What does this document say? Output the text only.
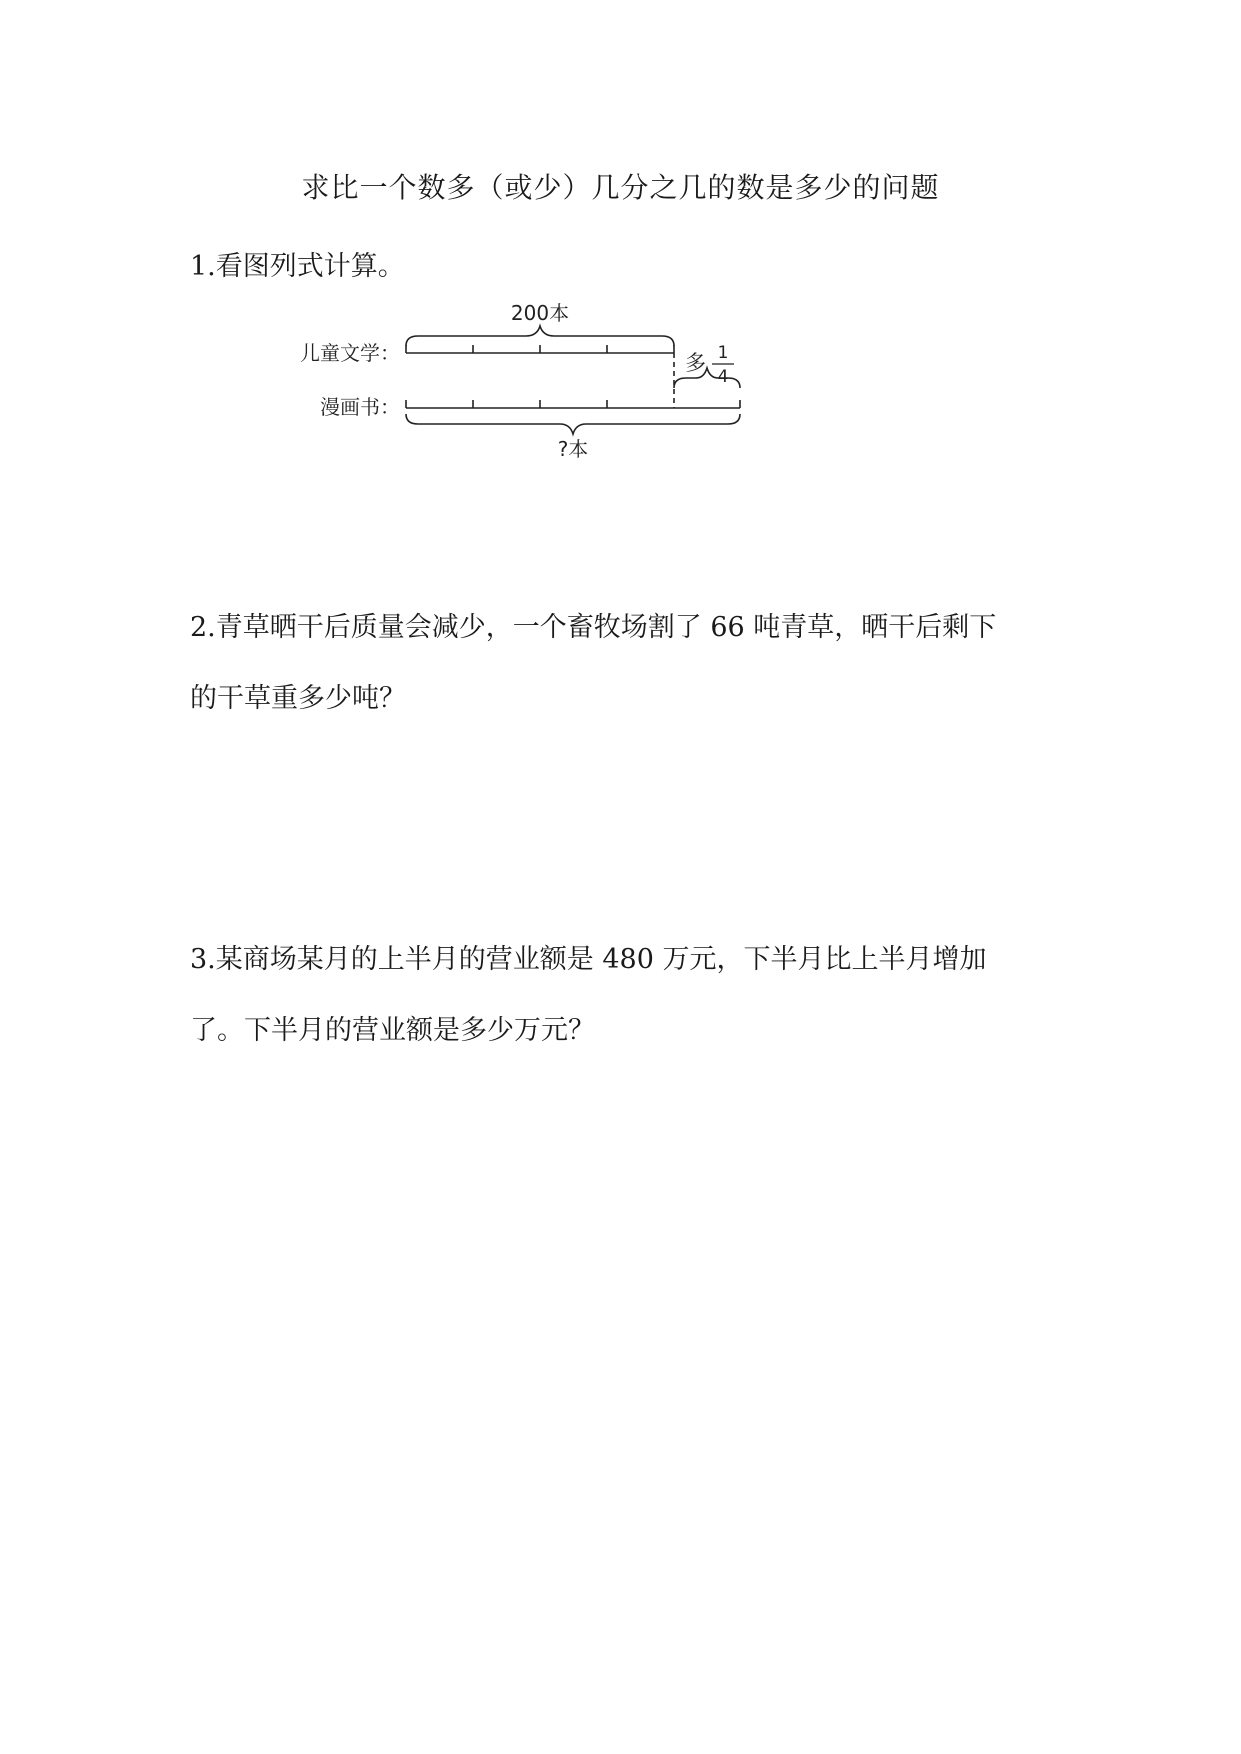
求比一个数多（或少）几分之几的数是多少的问题
1.看图列式计算。
200本
儿童文学：
漫画书：
多 1
4
?本
2.青草晒干后质量会减少，一个畜牧场割了 66 吨青草，晒干后剩下
的干草重多少吨？
3.某商场某月的上半月的营业额是 480 万元，下半月比上半月增加
了。下半月的营业额是多少万元？
